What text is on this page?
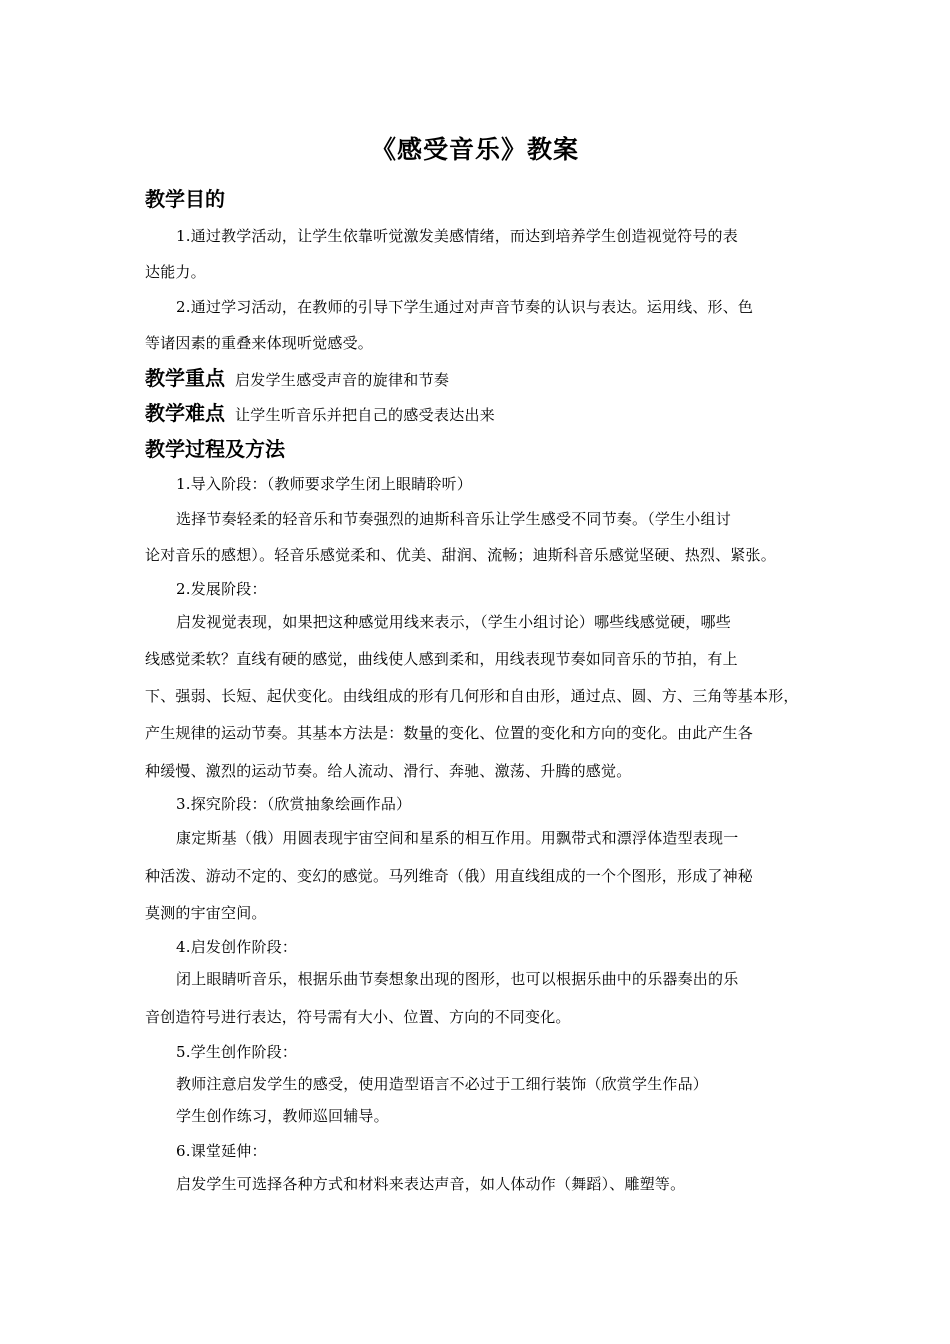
《感受音乐》教案
教学目的
1.通过教学活动，让学生依靠听觉激发美感情绪，而达到培养学生创造视觉符号的表
达能力。
2.通过学习活动，在教师的引导下学生通过对声音节奏的认识与表达。运用线、形、色
等诸因素的重叠来体现听觉感受。
教学重点 启发学生感受声音的旋律和节奏
教学难点 让学生听音乐并把自己的感受表达出来
教学过程及方法
1.导入阶段：（教师要求学生闭上眼睛聆听）
选择节奏轻柔的轻音乐和节奏强烈的迪斯科音乐让学生感受不同节奏。（学生小组讨
论对音乐的感想）。轻音乐感觉柔和、优美、甜润、流畅；迪斯科音乐感觉坚硬、热烈、紧张。
2.发展阶段：
启发视觉表现，如果把这种感觉用线来表示，（学生小组讨论）哪些线感觉硬，哪些
线感觉柔软？直线有硬的感觉，曲线使人感到柔和，用线表现节奏如同音乐的节拍，有上
下、强弱、长短、起伏变化。由线组成的形有几何形和自由形，通过点、圆、方、三角等基本形，
产生规律的运动节奏。其基本方法是：数量的变化、位置的变化和方向的变化。由此产生各
种缓慢、激烈的运动节奏。给人流动、滑行、奔驰、激荡、升腾的感觉。
3.探究阶段：（欣赏抽象绘画作品）
康定斯基（俄）用圆表现宇宙空间和星系的相互作用。用飘带式和漂浮体造型表现一
种活泼、游动不定的、变幻的感觉。马列维奇（俄）用直线组成的一个个图形，形成了神秘
莫测的宇宙空间。
4.启发创作阶段：
闭上眼睛听音乐，根据乐曲节奏想象出现的图形，也可以根据乐曲中的乐器奏出的乐
音创造符号进行表达，符号需有大小、位置、方向的不同变化。
5.学生创作阶段：
教师注意启发学生的感受，使用造型语言不必过于工细行装饰（欣赏学生作品）
学生创作练习，教师巡回辅导。
6.课堂延伸：
启发学生可选择各种方式和材料来表达声音，如人体动作（舞蹈）、雕塑等。
